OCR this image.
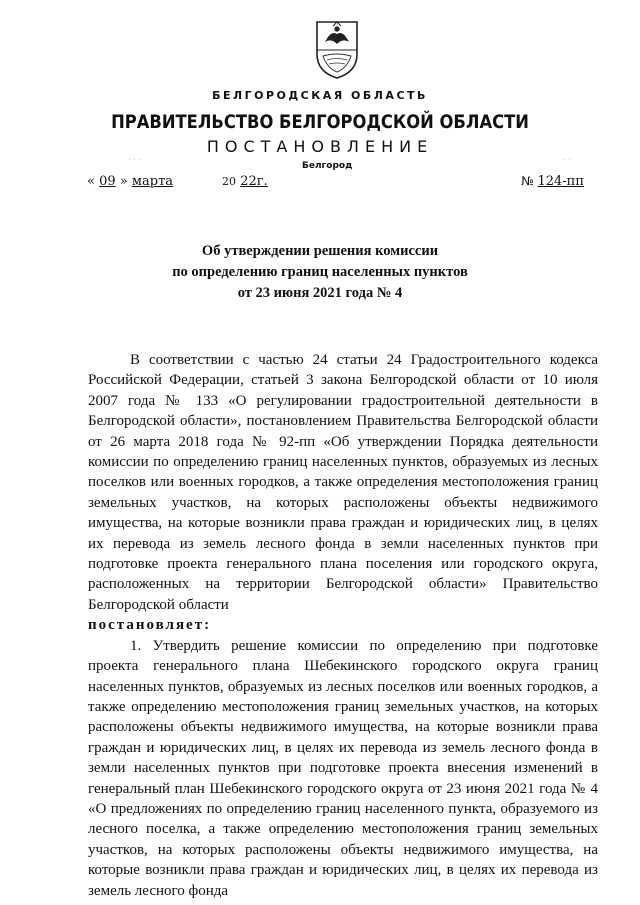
БЕЛГОРОДСКАЯ ОБЛАСТЬ
ПРАВИТЕЛЬСТВО БЕЛГОРОДСКОЙ ОБЛАСТИ
ПОСТАНОВЛЕНИЕ
· · ·	· ·
Белгород
« 09 » марта	20 22г.	№ 124-пп
Об утверждении решения комиссии
по определению границ населенных пунктов
от 23 июня 2021 года № 4

В соответствии с частью 24 статьи 24 Градостроительного кодекса Российской Федерации, статьей 3 закона Белгородской области от 10 июля 2007 года № 133 «О регулировании градостроительной деятельности в Белгородской области», постановлением Правительства Белгородской области от 26 марта 2018 года № 92-пп «Об утверждении Порядка деятельности комиссии по определению границ населенных пунктов, образуемых из лесных поселков или военных городков, а также определения местоположения границ земельных участков, на которых расположены объекты недвижимого имущества, на которые возникли права граждан и юридических лиц, в целях их перевода из земель лесного фонда в земли населенных пунктов при подготовке проекта генерального плана поселения или городского округа, расположенных на территории Белгородской области» Правительство Белгородской области

постановляет:

1. Утвердить решение комиссии по определению при подготовке проекта генерального плана Шебекинского городского округа границ населенных пунктов, образуемых из лесных поселков или военных городков, а также определению местоположения границ земельных участков, на которых расположены объекты недвижимого имущества, на которые возникли права граждан и юридических лиц, в целях их перевода из земель лесного фонда в земли населенных пунктов при подготовке проекта внесения изменений в генеральный план Шебекинского городского округа от 23 июня 2021 года № 4 «О предложениях по определению границ населенного пункта, образуемого из лесного поселка, а также определению местоположения границ земельных участков, на которых расположены объекты недвижимого имущества, на которые возникли права граждан и юридических лиц, в целях их перевода из земель лесного фонда
